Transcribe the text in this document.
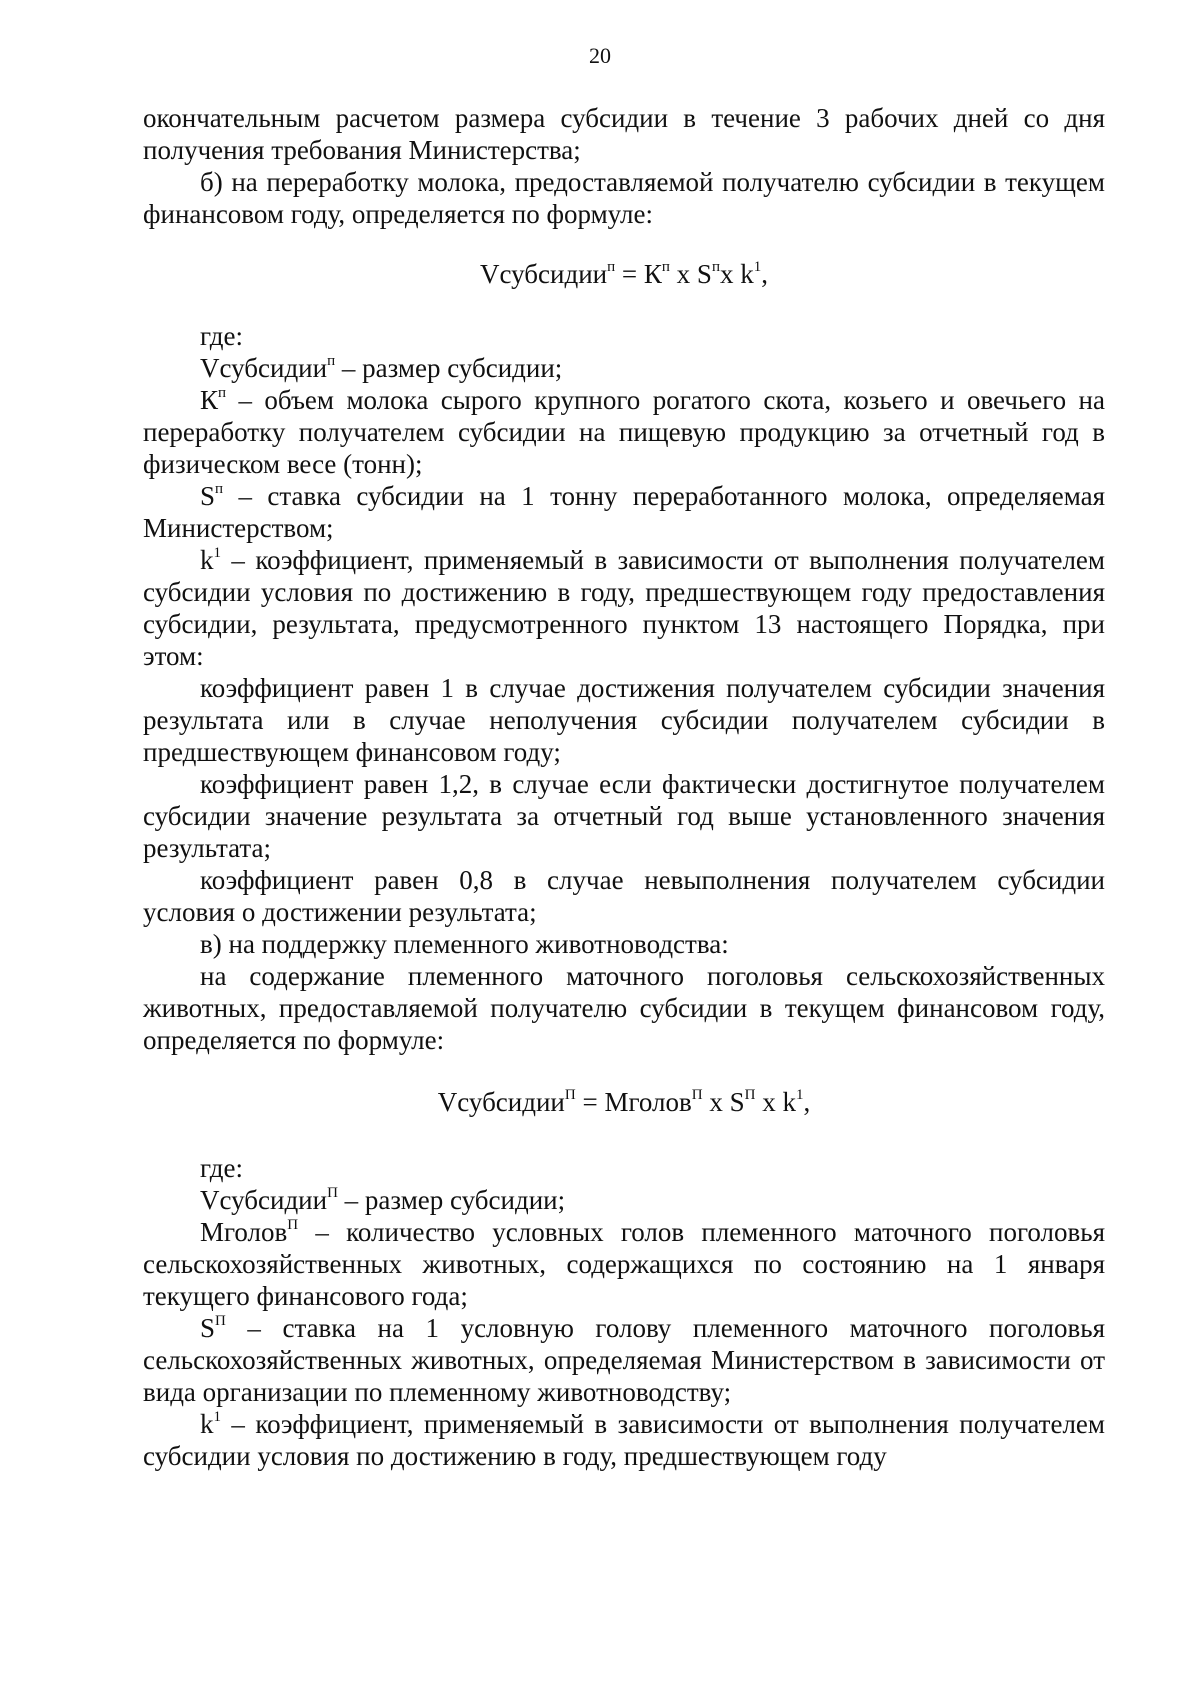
20

окончательным расчетом размера субсидии в течение 3 рабочих дней со дня получения требования Министерства;

б) на переработку молока, предоставляемой получателю субсидии в текущем финансовом году, определяется по формуле:

Vсубсидии$^п$ = $К^п$ х $S^пх$ $k^1$,

где:

Vсубсидии$^п$ – размер субсидии;

$К^п$ – объем молока сырого крупного рогатого скота, козьего и овечьего на переработку получателем субсидии на пищевую продукцию за отчетный год в физическом весе (тонн);

$S^п$ – ставка субсидии на 1 тонну переработанного молока, определяемая Министерством;

$k^1$ – коэффициент, применяемый в зависимости от выполнения получателем субсидии условия по достижению в году, предшествующем году предоставления субсидии, результата, предусмотренного пунктом 13 настоящего Порядка, при этом:

коэффициент равен 1 в случае достижения получателем субсидии значения результата или в случае неполучения субсидии получателем субсидии в предшествующем финансовом году;

коэффициент равен 1,2, в случае если фактически достигнутое получателем субсидии значение результата за отчетный год выше установленного значения результата;

коэффициент равен 0,8 в случае невыполнения получателем субсидии условия о достижении результата;

в) на поддержку племенного животноводства:

на содержание племенного маточного поголовья сельскохозяйственных животных, предоставляемой получателю субсидии в текущем финансовом году, определяется по формуле:

Vсубсидии$^П$ = Мголов$^П$ х $S^П$ х $k^1$,

где:

Vсубсидии$^П$ – размер субсидии;

Мголов$^П$ – количество условных голов племенного маточного поголовья сельскохозяйственных животных, содержащихся по состоянию на 1 января текущего финансового года;

$S^П$ – ставка на 1 условную голову племенного маточного поголовья сельскохозяйственных животных, определяемая Министерством в зависимости от вида организации по племенному животноводству;

$k^1$ – коэффициент, применяемый в зависимости от выполнения получателем субсидии условия по достижению в году, предшествующем году
